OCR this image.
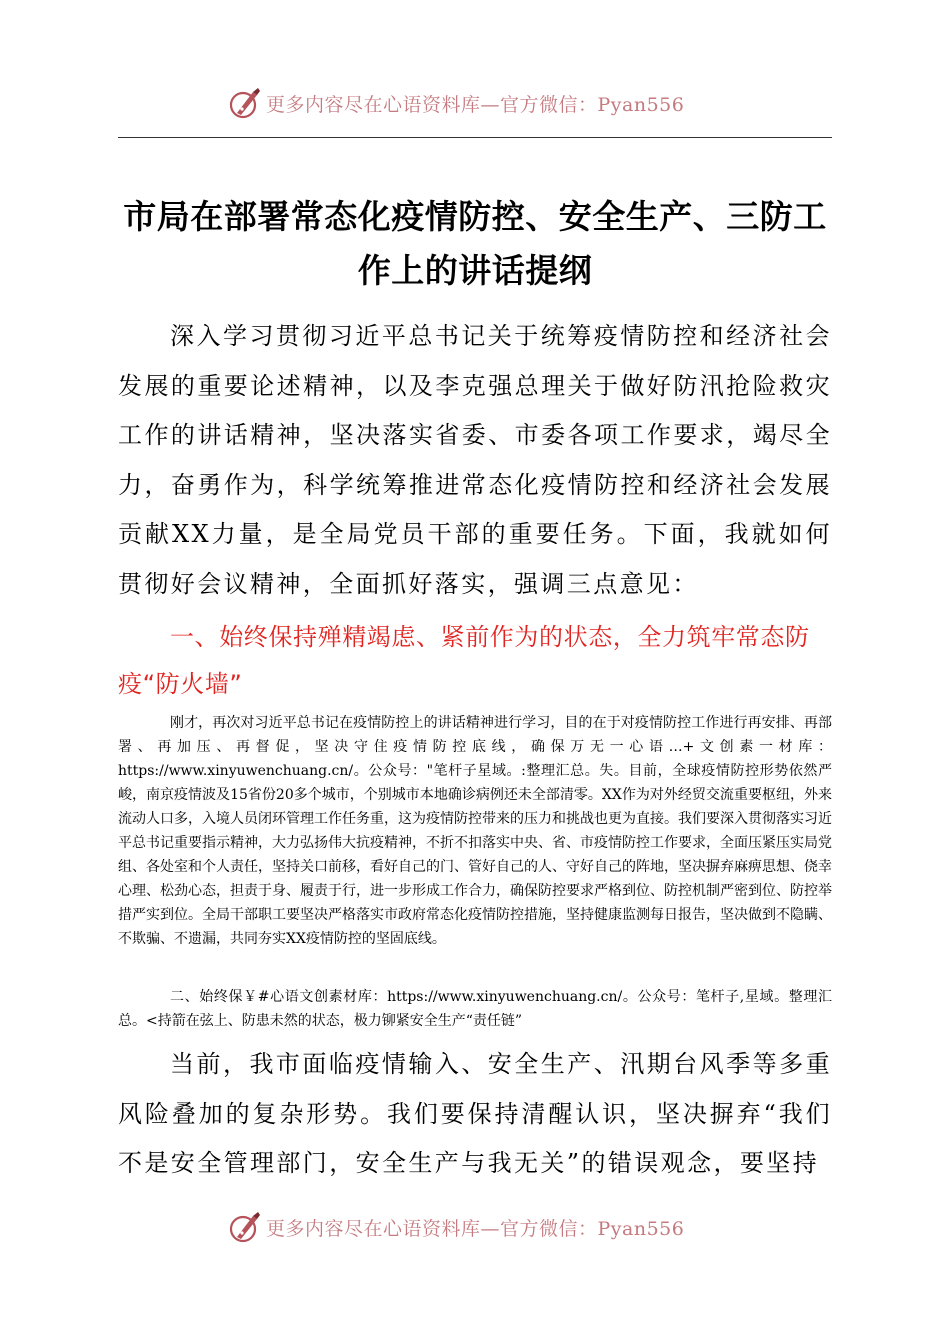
更多内容尽在心语资料库—官方微信：Pyan556
市局在部署常态化疫情防控、安全生产、三防工作上的讲话提纲

深入学习贯彻习近平总书记关于统筹疫情防控和经济社会发展的重要论述精神，以及李克强总理关于做好防汛抢险救灾工作的讲话精神，坚决落实省委、市委各项工作要求，竭尽全力，奋勇作为，科学统筹推进常态化疫情防控和经济社会发展贡献XX力量，是全局党员干部的重要任务。下面，我就如何贯彻好会议精神，全面抓好落实，强调三点意见：

一、始终保持殚精竭虑、紧前作为的状态，全力筑牢常态防疫“防火墙”

刚才，再次对习近平总书记在疫情防控上的讲话精神进行学习，目的在于对疫情防控工作进行再安排、再部署、再加压、再督促，坚决守住疫情防控底线，确保万无一心语…+文创素一材库：https://www.xinyuwenchuang.cn/。公众号："笔杆子星域。:整理汇总。失。目前，全球疫情防控形势依然严峻，南京疫情波及15省份20多个城市，个别城市本地确诊病例还未全部清零。XX作为对外经贸交流重要枢纽，外来流动人口多，入境人员闭环管理工作任务重，这为疫情防控带来的压力和挑战也更为直接。我们要深入贯彻落实习近平总书记重要指示精神，大力弘扬伟大抗疫精神，不折不扣落实中央、省、市疫情防控工作要求，全面压紧压实局党组、各处室和个人责任，坚持关口前移，看好自己的门、管好自己的人、守好自己的阵地，坚决摒弃麻痹思想、侥幸心理、松劲心态，担责于身、履责于行，进一步形成工作合力，确保防控要求严格到位、防控机制严密到位、防控举措严实到位。全局干部职工要坚决严格落实市政府常态化疫情防控措施，坚持健康监测每日报告，坚决做到不隐瞒、不欺骗、不遗漏，共同夯实XX疫情防控的坚固底线。

二、始终保￥#心语文创素材库：https://www.xinyuwenchuang.cn/。公众号：笔杆子,星域。整理汇总。<持箭在弦上、防患未然的状态，极力铆紧安全生产“责任链”

当前，我市面临疫情输入、安全生产、汛期台风季等多重风险叠加的复杂形势。我们要保持清醒认识，坚决摒弃“我们不是安全管理部门，安全生产与我无关”的错误观念，要坚持

更多内容尽在心语资料库—官方微信：Pyan556
